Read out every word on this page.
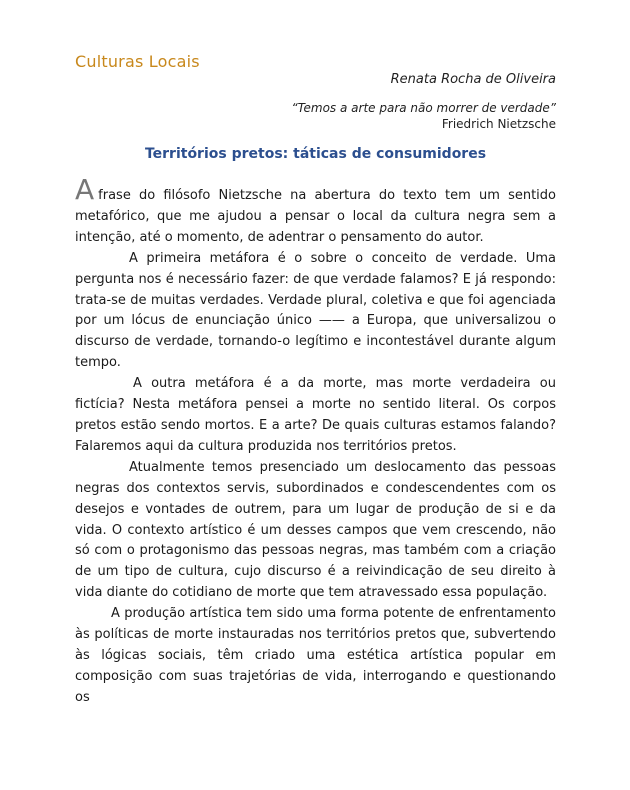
Culturas Locais
Renata Rocha de Oliveira
“Temos a arte para não morrer de verdade”
Friedrich Nietzsche
Territórios pretos: táticas de consumidores

Afrase do filósofo Nietzsche na abertura do texto tem um sentido metafórico, que me ajudou a pensar o local da cultura negra sem a intenção, até o momento, de adentrar o pensamento do autor.

A primeira metáfora é o sobre o conceito de verdade. Uma pergunta nos é necessário fazer: de que verdade falamos? E já respondo: trata-se de muitas verdades. Verdade plural, coletiva e que foi agenciada por um lócus de enunciação único —— a Europa, que universalizou o discurso de verdade, tornando-o legítimo e incontestável durante algum tempo.

A outra metáfora é a da morte, mas morte verdadeira ou fictícia? Nesta metáfora pensei a morte no sentido literal. Os corpos pretos estão sendo mortos. E a arte? De quais culturas estamos falando? Falaremos aqui da cultura produzida nos territórios pretos.

Atualmente temos presenciado um deslocamento das pessoas negras dos contextos servis, subordinados e condescendentes com os desejos e vontades de outrem, para um lugar de produção de si e da vida. O contexto artístico é um desses campos que vem crescendo, não só com o protagonismo das pessoas negras, mas também com a criação de um tipo de cultura, cujo discurso é a reivindicação de seu direito à vida diante do cotidiano de morte que tem atravessado essa população.

A produção artística tem sido uma forma potente de enfrentamento às políticas de morte instauradas nos territórios pretos que, subvertendo às lógicas sociais, têm criado uma estética artística popular em composição com suas trajetórias de vida, interrogando e questionando os
